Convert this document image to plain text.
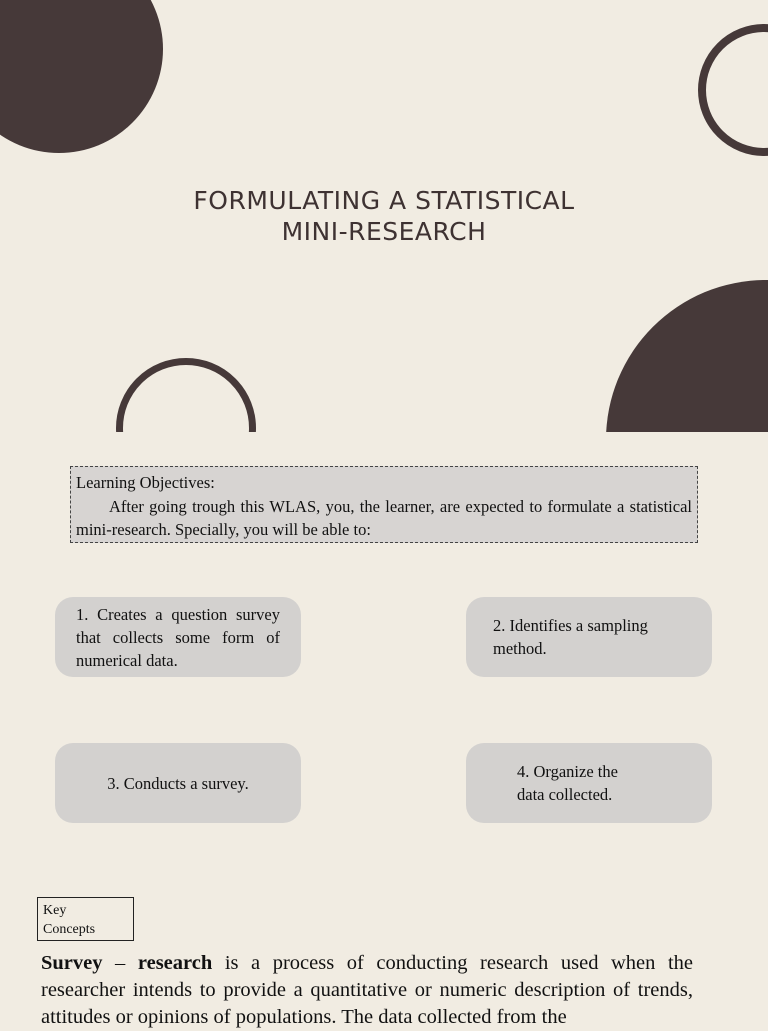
FORMULATING A STATISTICAL
MINI-RESEARCH
Learning Objectives:

After going trough this WLAS, you, the learner, are expected to formulate a statistical mini-research. Specially, you will be able to:

1. Creates a question survey that collects some form of numerical data.
2. Identifies a sampling method.
3. Conducts a survey.
4. Organize the data collected.
Key
Concepts

Survey – research is a process of conducting research used when the researcher intends to provide a quantitative or numeric description of trends, attitudes or opinions of populations. The data collected from the
